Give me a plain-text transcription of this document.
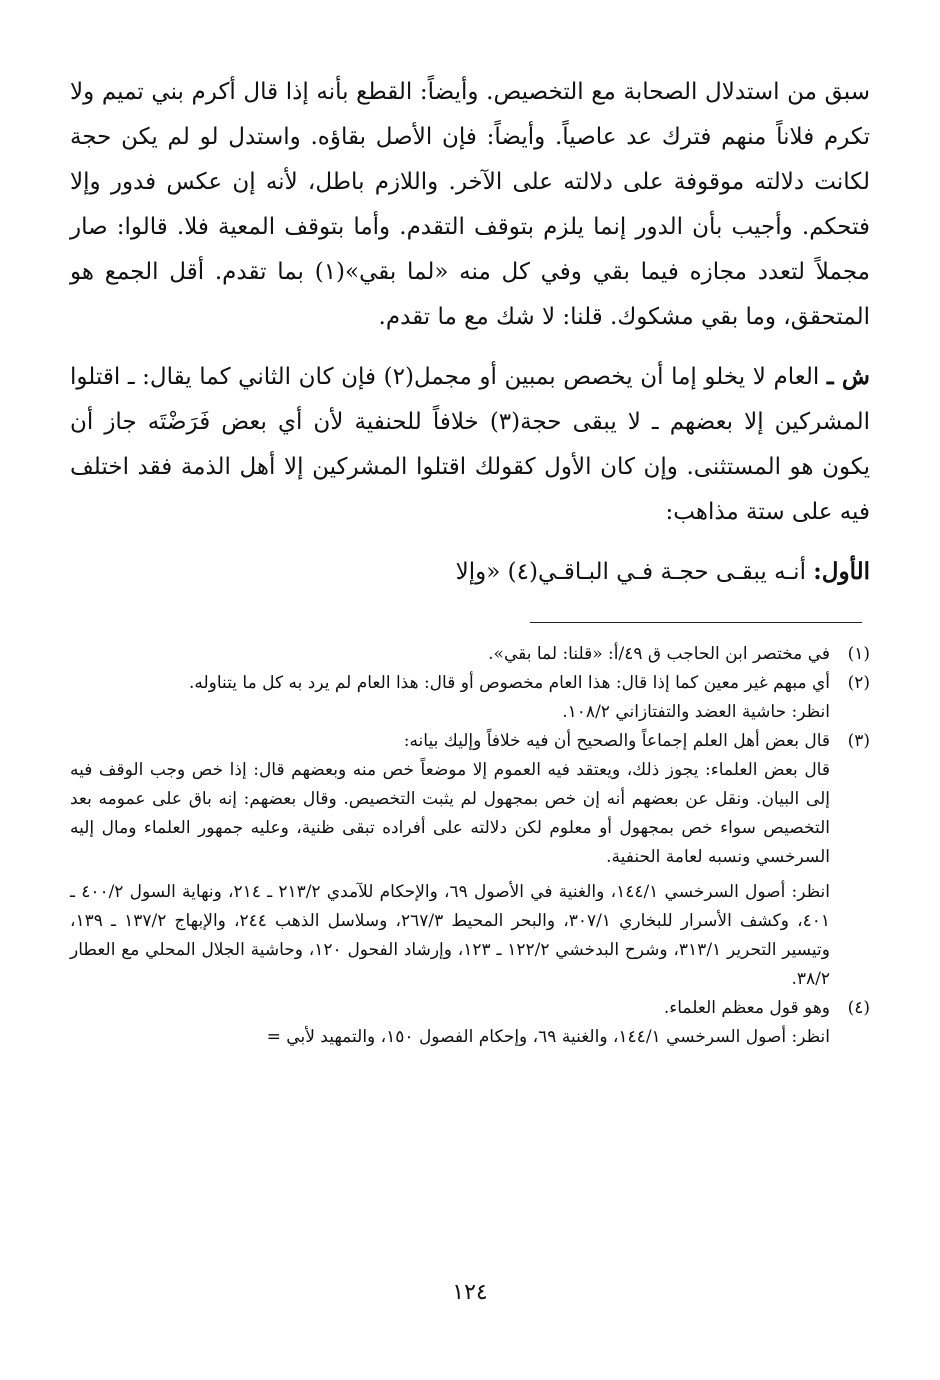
سبق من استدلال الصحابة مع التخصيص. وأيضاً: القطع بأنه إذا قال أكرم بني تميم ولا تكرم فلاناً منهم فترك عد عاصياً. وأيضاً: فإن الأصل بقاؤه. واستدل لو لم يكن حجة لكانت دلالته موقوفة على دلالته على الآخر. واللازم باطل، لأنه إن عكس فدور وإلا فتحكم. وأجيب بأن الدور إنما يلزم بتوقف التقدم. وأما بتوقف المعية فلا. قالوا: صار مجملاً لتعدد مجازه فيما بقي وفي كل منه «لما بقي»(١) بما تقدم. أقل الجمع هو المتحقق، وما بقي مشكوك. قلنا: لا شك مع ما تقدم.

ش ـ العام لا يخلو إما أن يخصص بمبين أو مجمل(٢) فإن كان الثاني كما يقال: ـ اقتلوا المشركين إلا بعضهم ـ لا يبقى حجة(٣) خلافاً للحنفية لأن أي بعض فَرَضْتَه جاز أن يكون هو المستثنى. وإن كان الأول كقولك اقتلوا المشركين إلا أهل الذمة فقد اختلف فيه على ستة مذاهب:

الأول: أنـه يبقـى حجـة فـي البـاقـي(٤) «وإلا

(١)
في مختصر ابن الحاجب ق ٤٩/أ: «قلنا: لما بقي».
(٢)
أي مبهم غير معين كما إذا قال: هذا العام مخصوص أو قال: هذا العام لم يرد به كل ما يتناوله.
انظر: حاشية العضد والتفتازاني ١٠٨/٢.
(٣)
قال بعض أهل العلم إجماعاً والصحيح أن فيه خلافاً وإليك بيانه:
قال بعض العلماء: يجوز ذلك، ويعتقد فيه العموم إلا موضعاً خص منه وبعضهم قال: إذا خص وجب الوقف فيه إلى البيان. ونقل عن بعضهم أنه إن خص بمجهول لم يثبت التخصيص. وقال بعضهم: إنه باق على عمومه بعد التخصيص سواء خص بمجهول أو معلوم لكن دلالته على أفراده تبقى ظنية، وعليه جمهور العلماء ومال إليه السرخسي ونسبه لعامة الحنفية.
انظر: أصول السرخسي ١٤٤/١، والغنية في الأصول ٦٩، والإحكام للآمدي ٢١٣/٢ ـ ٢١٤، ونهاية السول ٤٠٠/٢ ـ ٤٠١، وكشف الأسرار للبخاري ٣٠٧/١، والبحر المحيط ٢٦٧/٣، وسلاسل الذهب ٢٤٤، والإبهاج ١٣٧/٢ ـ ١٣٩، وتيسير التحرير ٣١٣/١، وشرح البدخشي ١٢٢/٢ ـ ١٢٣، وإرشاد الفحول ١٢٠، وحاشية الجلال المحلي مع العطار ٣٨/٢.
(٤)
وهو قول معظم العلماء.
انظر: أصول السرخسي ١٤٤/١، والغنية ٦٩، وإحكام الفصول ١٥٠، والتمهيد لأبي =
١٢٤
